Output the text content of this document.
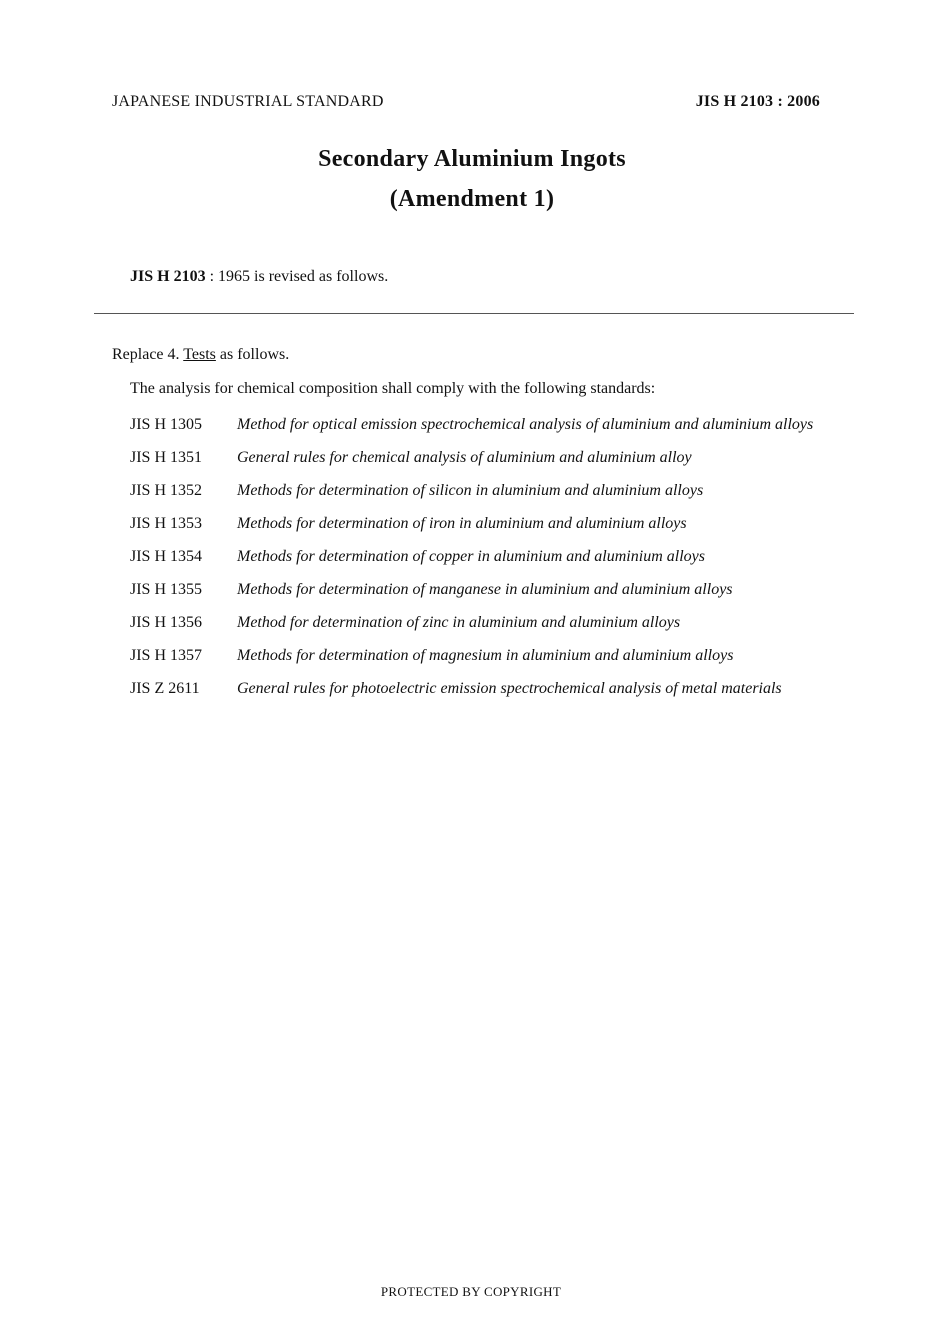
JAPANESE INDUSTRIAL STANDARD	JIS H 2103 : 2006
Secondary Aluminium Ingots
(Amendment 1)
JIS H 2103 : 1965 is revised as follows.
Replace 4. Tests as follows.
The analysis for chemical composition shall comply with the following standards:
JIS H 1305	Method for optical emission spectrochemical analysis of aluminium and aluminium alloys
JIS H 1351	General rules for chemical analysis of aluminium and aluminium alloy
JIS H 1352	Methods for determination of silicon in aluminium and aluminium alloys
JIS H 1353	Methods for determination of iron in aluminium and aluminium alloys
JIS H 1354	Methods for determination of copper in aluminium and aluminium alloys
JIS H 1355	Methods for determination of manganese in aluminium and aluminium alloys
JIS H 1356	Method for determination of zinc in aluminium and aluminium alloys
JIS H 1357	Methods for determination of magnesium in aluminium and aluminium alloys
JIS Z 2611	General rules for photoelectric emission spectrochemical analysis of metal materials
PROTECTED BY COPYRIGHT
